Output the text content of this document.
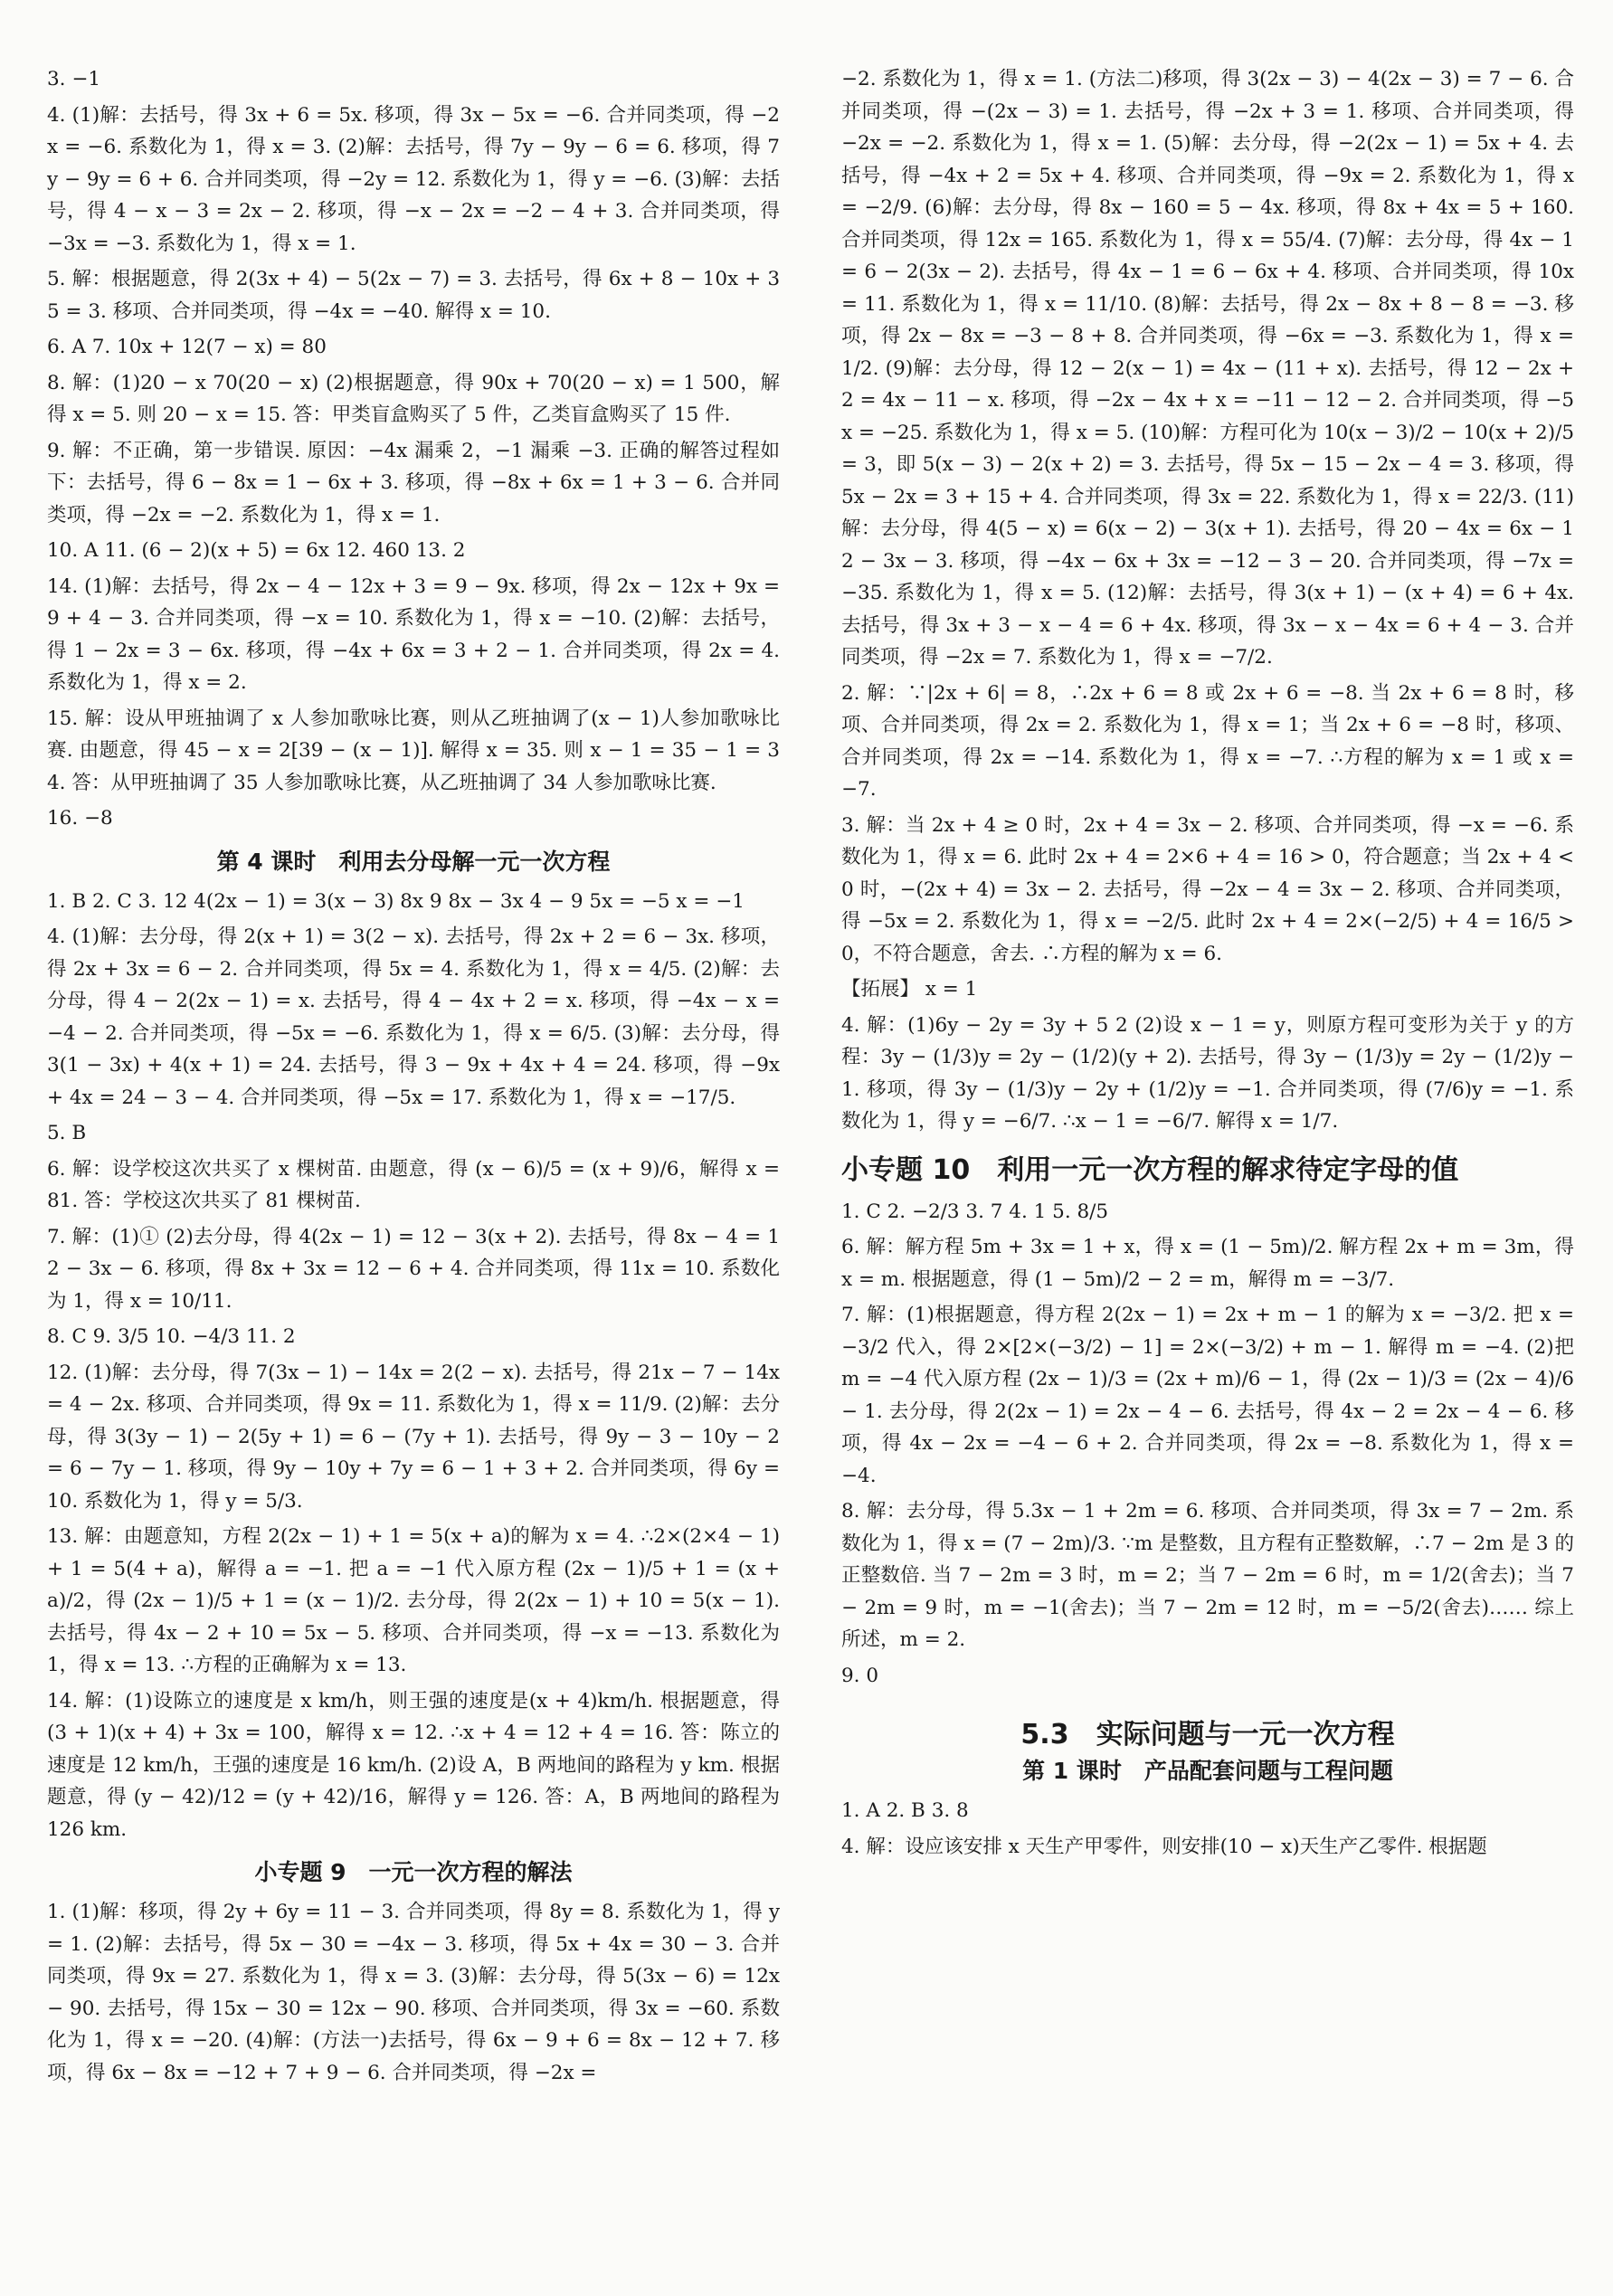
3. −1
4. (1)解：去括号，得 3x + 6 = 5x. 移项，得 3x − 5x = −6. 合并同类项，得 −2x = −6. 系数化为 1，得 x = 3. (2)解：去括号，得 7y − 9y − 6 = 6. 移项，得 7y − 9y = 6 + 6. 合并同类项，得 −2y = 12. 系数化为 1，得 y = −6. (3)解：去括号，得 4 − x − 3 = 2x − 2. 移项，得 −x − 2x = −2 − 4 + 3. 合并同类项，得 −3x = −3. 系数化为 1，得 x = 1.
5. 解：根据题意，得 2(3x + 4) − 5(2x − 7) = 3. 去括号，得 6x + 8 − 10x + 35 = 3. 移项、合并同类项，得 −4x = −40. 解得 x = 10.
6. A 7. 10x + 12(7 − x) = 80
8. 解：(1)20 − x 70(20 − x) (2)根据题意，得 90x + 70(20 − x) = 1 500，解得 x = 5. 则 20 − x = 15. 答：甲类盲盒购买了 5 件，乙类盲盒购买了 15 件.
9. 解：不正确，第一步错误. 原因：−4x 漏乘 2，−1 漏乘 −3. 正确的解答过程如下：去括号，得 6 − 8x = 1 − 6x + 3. 移项，得 −8x + 6x = 1 + 3 − 6. 合并同类项，得 −2x = −2. 系数化为 1，得 x = 1.
10. A 11. (6 − 2)(x + 5) = 6x 12. 460 13. 2
14. (1)解：去括号，得 2x − 4 − 12x + 3 = 9 − 9x. 移项，得 2x − 12x + 9x = 9 + 4 − 3. 合并同类项，得 −x = 10. 系数化为 1，得 x = −10. (2)解：去括号，得 1 − 2x = 3 − 6x. 移项，得 −4x + 6x = 3 + 2 − 1. 合并同类项，得 2x = 4. 系数化为 1，得 x = 2.
15. 解：设从甲班抽调了 x 人参加歌咏比赛，则从乙班抽调了(x − 1)人参加歌咏比赛. 由题意，得 45 − x = 2[39 − (x − 1)]. 解得 x = 35. 则 x − 1 = 35 − 1 = 34. 答：从甲班抽调了 35 人参加歌咏比赛，从乙班抽调了 34 人参加歌咏比赛.
16. −8
第 4 课时　利用去分母解一元一次方程
1. B 2. C 3. 12 4(2x − 1) = 3(x − 3) 8x 9 8x − 3x 4 − 9 5x = −5 x = −1
4. (1)解：去分母，得 2(x + 1) = 3(2 − x). 去括号，得 2x + 2 = 6 − 3x. 移项，得 2x + 3x = 6 − 2. 合并同类项，得 5x = 4. 系数化为 1，得 x = 4/5. (2)解：去分母，得 4 − 2(2x − 1) = x. 去括号，得 4 − 4x + 2 = x. 移项，得 −4x − x = −4 − 2. 合并同类项，得 −5x = −6. 系数化为 1，得 x = 6/5. (3)解：去分母，得 3(1 − 3x) + 4(x + 1) = 24. 去括号，得 3 − 9x + 4x + 4 = 24. 移项，得 −9x + 4x = 24 − 3 − 4. 合并同类项，得 −5x = 17. 系数化为 1，得 x = −17/5.
5. B
6. 解：设学校这次共买了 x 棵树苗. 由题意，得 (x − 6)/5 = (x + 9)/6，解得 x = 81. 答：学校这次共买了 81 棵树苗.
7. 解：(1)① (2)去分母，得 4(2x − 1) = 12 − 3(x + 2). 去括号，得 8x − 4 = 12 − 3x − 6. 移项，得 8x + 3x = 12 − 6 + 4. 合并同类项，得 11x = 10. 系数化为 1，得 x = 10/11.
8. C 9. 3/5 10. −4/3 11. 2
12. (1)解：去分母，得 7(3x − 1) − 14x = 2(2 − x). 去括号，得 21x − 7 − 14x = 4 − 2x. 移项、合并同类项，得 9x = 11. 系数化为 1，得 x = 11/9. (2)解：去分母，得 3(3y − 1) − 2(5y + 1) = 6 − (7y + 1). 去括号，得 9y − 3 − 10y − 2 = 6 − 7y − 1. 移项，得 9y − 10y + 7y = 6 − 1 + 3 + 2. 合并同类项，得 6y = 10. 系数化为 1，得 y = 5/3.
13. 解：由题意知，方程 2(2x − 1) + 1 = 5(x + a)的解为 x = 4. ∴2×(2×4 − 1) + 1 = 5(4 + a)，解得 a = −1. 把 a = −1 代入原方程 (2x − 1)/5 + 1 = (x + a)/2，得 (2x − 1)/5 + 1 = (x − 1)/2. 去分母，得 2(2x − 1) + 10 = 5(x − 1). 去括号，得 4x − 2 + 10 = 5x − 5. 移项、合并同类项，得 −x = −13. 系数化为 1，得 x = 13. ∴方程的正确解为 x = 13.
14. 解：(1)设陈立的速度是 x km/h，则王强的速度是(x + 4)km/h. 根据题意，得(3 + 1)(x + 4) + 3x = 100，解得 x = 12. ∴x + 4 = 12 + 4 = 16. 答：陈立的速度是 12 km/h，王强的速度是 16 km/h. (2)设 A，B 两地间的路程为 y km. 根据题意，得 (y − 42)/12 = (y + 42)/16，解得 y = 126. 答：A，B 两地间的路程为 126 km.
小专题 9　一元一次方程的解法
1. (1)解：移项，得 2y + 6y = 11 − 3. 合并同类项，得 8y = 8. 系数化为 1，得 y = 1. (2)解：去括号，得 5x − 30 = −4x − 3. 移项，得 5x + 4x = 30 − 3. 合并同类项，得 9x = 27. 系数化为 1，得 x = 3. (3)解：去分母，得 5(3x − 6) = 12x − 90. 去括号，得 15x − 30 = 12x − 90. 移项、合并同类项，得 3x = −60. 系数化为 1，得 x = −20. (4)解：(方法一)去括号，得 6x − 9 + 6 = 8x − 12 + 7. 移项，得 6x − 8x = −12 + 7 + 9 − 6. 合并同类项，得 −2x =
−2. 系数化为 1，得 x = 1. (方法二)移项，得 3(2x − 3) − 4(2x − 3) = 7 − 6. 合并同类项，得 −(2x − 3) = 1. 去括号，得 −2x + 3 = 1. 移项、合并同类项，得 −2x = −2. 系数化为 1，得 x = 1. (5)解：去分母，得 −2(2x − 1) = 5x + 4. 去括号，得 −4x + 2 = 5x + 4. 移项、合并同类项，得 −9x = 2. 系数化为 1，得 x = −2/9. (6)解：去分母，得 8x − 160 = 5 − 4x. 移项，得 8x + 4x = 5 + 160. 合并同类项，得 12x = 165. 系数化为 1，得 x = 55/4. (7)解：去分母，得 4x − 1 = 6 − 2(3x − 2). 去括号，得 4x − 1 = 6 − 6x + 4. 移项、合并同类项，得 10x = 11. 系数化为 1，得 x = 11/10. (8)解：去括号，得 2x − 8x + 8 − 8 = −3. 移项，得 2x − 8x = −3 − 8 + 8. 合并同类项，得 −6x = −3. 系数化为 1，得 x = 1/2. (9)解：去分母，得 12 − 2(x − 1) = 4x − (11 + x). 去括号，得 12 − 2x + 2 = 4x − 11 − x. 移项，得 −2x − 4x + x = −11 − 12 − 2. 合并同类项，得 −5x = −25. 系数化为 1，得 x = 5. (10)解：方程可化为 10(x − 3)/2 − 10(x + 2)/5 = 3，即 5(x − 3) − 2(x + 2) = 3. 去括号，得 5x − 15 − 2x − 4 = 3. 移项，得 5x − 2x = 3 + 15 + 4. 合并同类项，得 3x = 22. 系数化为 1，得 x = 22/3. (11)解：去分母，得 4(5 − x) = 6(x − 2) − 3(x + 1). 去括号，得 20 − 4x = 6x − 12 − 3x − 3. 移项，得 −4x − 6x + 3x = −12 − 3 − 20. 合并同类项，得 −7x = −35. 系数化为 1，得 x = 5. (12)解：去括号，得 3(x + 1) − (x + 4) = 6 + 4x. 去括号，得 3x + 3 − x − 4 = 6 + 4x. 移项，得 3x − x − 4x = 6 + 4 − 3. 合并同类项，得 −2x = 7. 系数化为 1，得 x = −7/2.
2. 解：∵|2x + 6| = 8，∴2x + 6 = 8 或 2x + 6 = −8. 当 2x + 6 = 8 时，移项、合并同类项，得 2x = 2. 系数化为 1，得 x = 1；当 2x + 6 = −8 时，移项、合并同类项，得 2x = −14. 系数化为 1，得 x = −7. ∴方程的解为 x = 1 或 x = −7.
3. 解：当 2x + 4 ≥ 0 时，2x + 4 = 3x − 2. 移项、合并同类项，得 −x = −6. 系数化为 1，得 x = 6. 此时 2x + 4 = 2×6 + 4 = 16 > 0，符合题意；当 2x + 4 < 0 时，−(2x + 4) = 3x − 2. 去括号，得 −2x − 4 = 3x − 2. 移项、合并同类项，得 −5x = 2. 系数化为 1，得 x = −2/5. 此时 2x + 4 = 2×(−2/5) + 4 = 16/5 > 0，不符合题意，舍去. ∴方程的解为 x = 6.
【拓展】 x = 1
4. 解：(1)6y − 2y = 3y + 5 2 (2)设 x − 1 = y，则原方程可变形为关于 y 的方程：3y − (1/3)y = 2y − (1/2)(y + 2). 去括号，得 3y − (1/3)y = 2y − (1/2)y − 1. 移项，得 3y − (1/3)y − 2y + (1/2)y = −1. 合并同类项，得 (7/6)y = −1. 系数化为 1，得 y = −6/7. ∴x − 1 = −6/7. 解得 x = 1/7.
小专题 10　利用一元一次方程的解求待定字母的值
1. C 2. −2/3 3. 7 4. 1 5. 8/5
6. 解：解方程 5m + 3x = 1 + x，得 x = (1 − 5m)/2. 解方程 2x + m = 3m，得 x = m. 根据题意，得 (1 − 5m)/2 − 2 = m，解得 m = −3/7.
7. 解：(1)根据题意，得方程 2(2x − 1) = 2x + m − 1 的解为 x = −3/2. 把 x = −3/2 代入，得 2×[2×(−3/2) − 1] = 2×(−3/2) + m − 1. 解得 m = −4. (2)把 m = −4 代入原方程 (2x − 1)/3 = (2x + m)/6 − 1，得 (2x − 1)/3 = (2x − 4)/6 − 1. 去分母，得 2(2x − 1) = 2x − 4 − 6. 去括号，得 4x − 2 = 2x − 4 − 6. 移项，得 4x − 2x = −4 − 6 + 2. 合并同类项，得 2x = −8. 系数化为 1，得 x = −4.
8. 解：去分母，得 5.3x − 1 + 2m = 6. 移项、合并同类项，得 3x = 7 − 2m. 系数化为 1，得 x = (7 − 2m)/3. ∵m 是整数，且方程有正整数解，∴7 − 2m 是 3 的正整数倍. 当 7 − 2m = 3 时，m = 2；当 7 − 2m = 6 时，m = 1/2(舍去)；当 7 − 2m = 9 时，m = −1(舍去)；当 7 − 2m = 12 时，m = −5/2(舍去)…… 综上所述，m = 2.
9. 0
5.3　实际问题与一元一次方程
第 1 课时　产品配套问题与工程问题
1. A 2. B 3. 8
4. 解：设应该安排 x 天生产甲零件，则安排(10 − x)天生产乙零件. 根据题
